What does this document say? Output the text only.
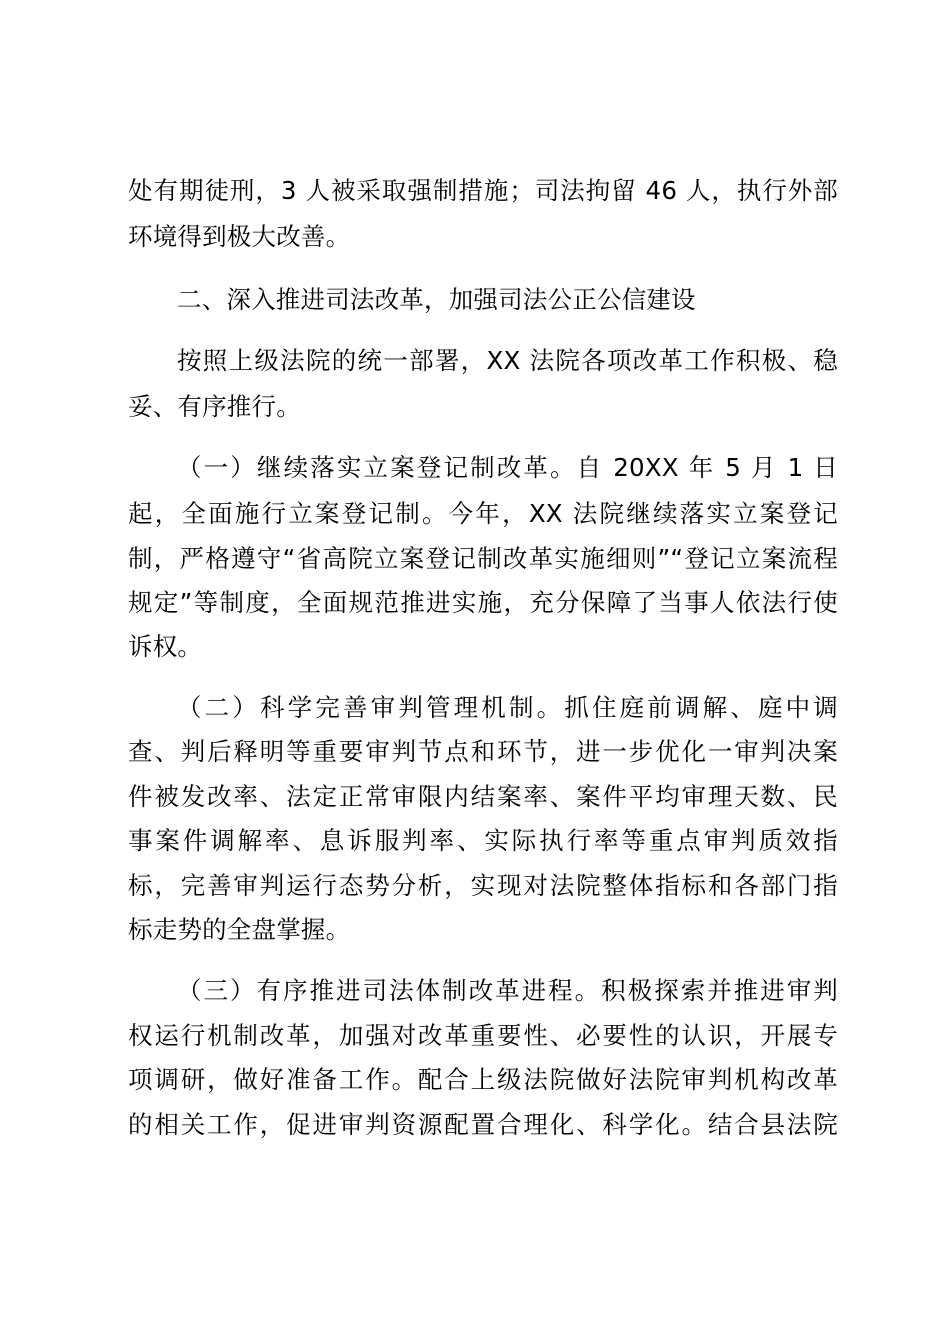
处有期徒刑，3 人被采取强制措施；司法拘留 46 人，执行外部
环境得到极大改善。
二、深入推进司法改革，加强司法公正公信建设
按照上级法院的统一部署，XX 法院各项改革工作积极、稳
妥、有序推行。
（一）继续落实立案登记制改革。自 20XX 年 5 月 1 日
起，全面施行立案登记制。今年，XX 法院继续落实立案登记
制，严格遵守“省高院立案登记制改革实施细则”“登记立案流程
规定”等制度，全面规范推进实施，充分保障了当事人依法行使
诉权。
（二）科学完善审判管理机制。抓住庭前调解、庭中调
查、判后释明等重要审判节点和环节，进一步优化一审判决案
件被发改率、法定正常审限内结案率、案件平均审理天数、民
事案件调解率、息诉服判率、实际执行率等重点审判质效指
标，完善审判运行态势分析，实现对法院整体指标和各部门指
标走势的全盘掌握。
（三）有序推进司法体制改革进程。积极探索并推进审判
权运行机制改革，加强对改革重要性、必要性的认识，开展专
项调研，做好准备工作。配合上级法院做好法院审判机构改革
的相关工作，促进审判资源配置合理化、科学化。结合县法院
